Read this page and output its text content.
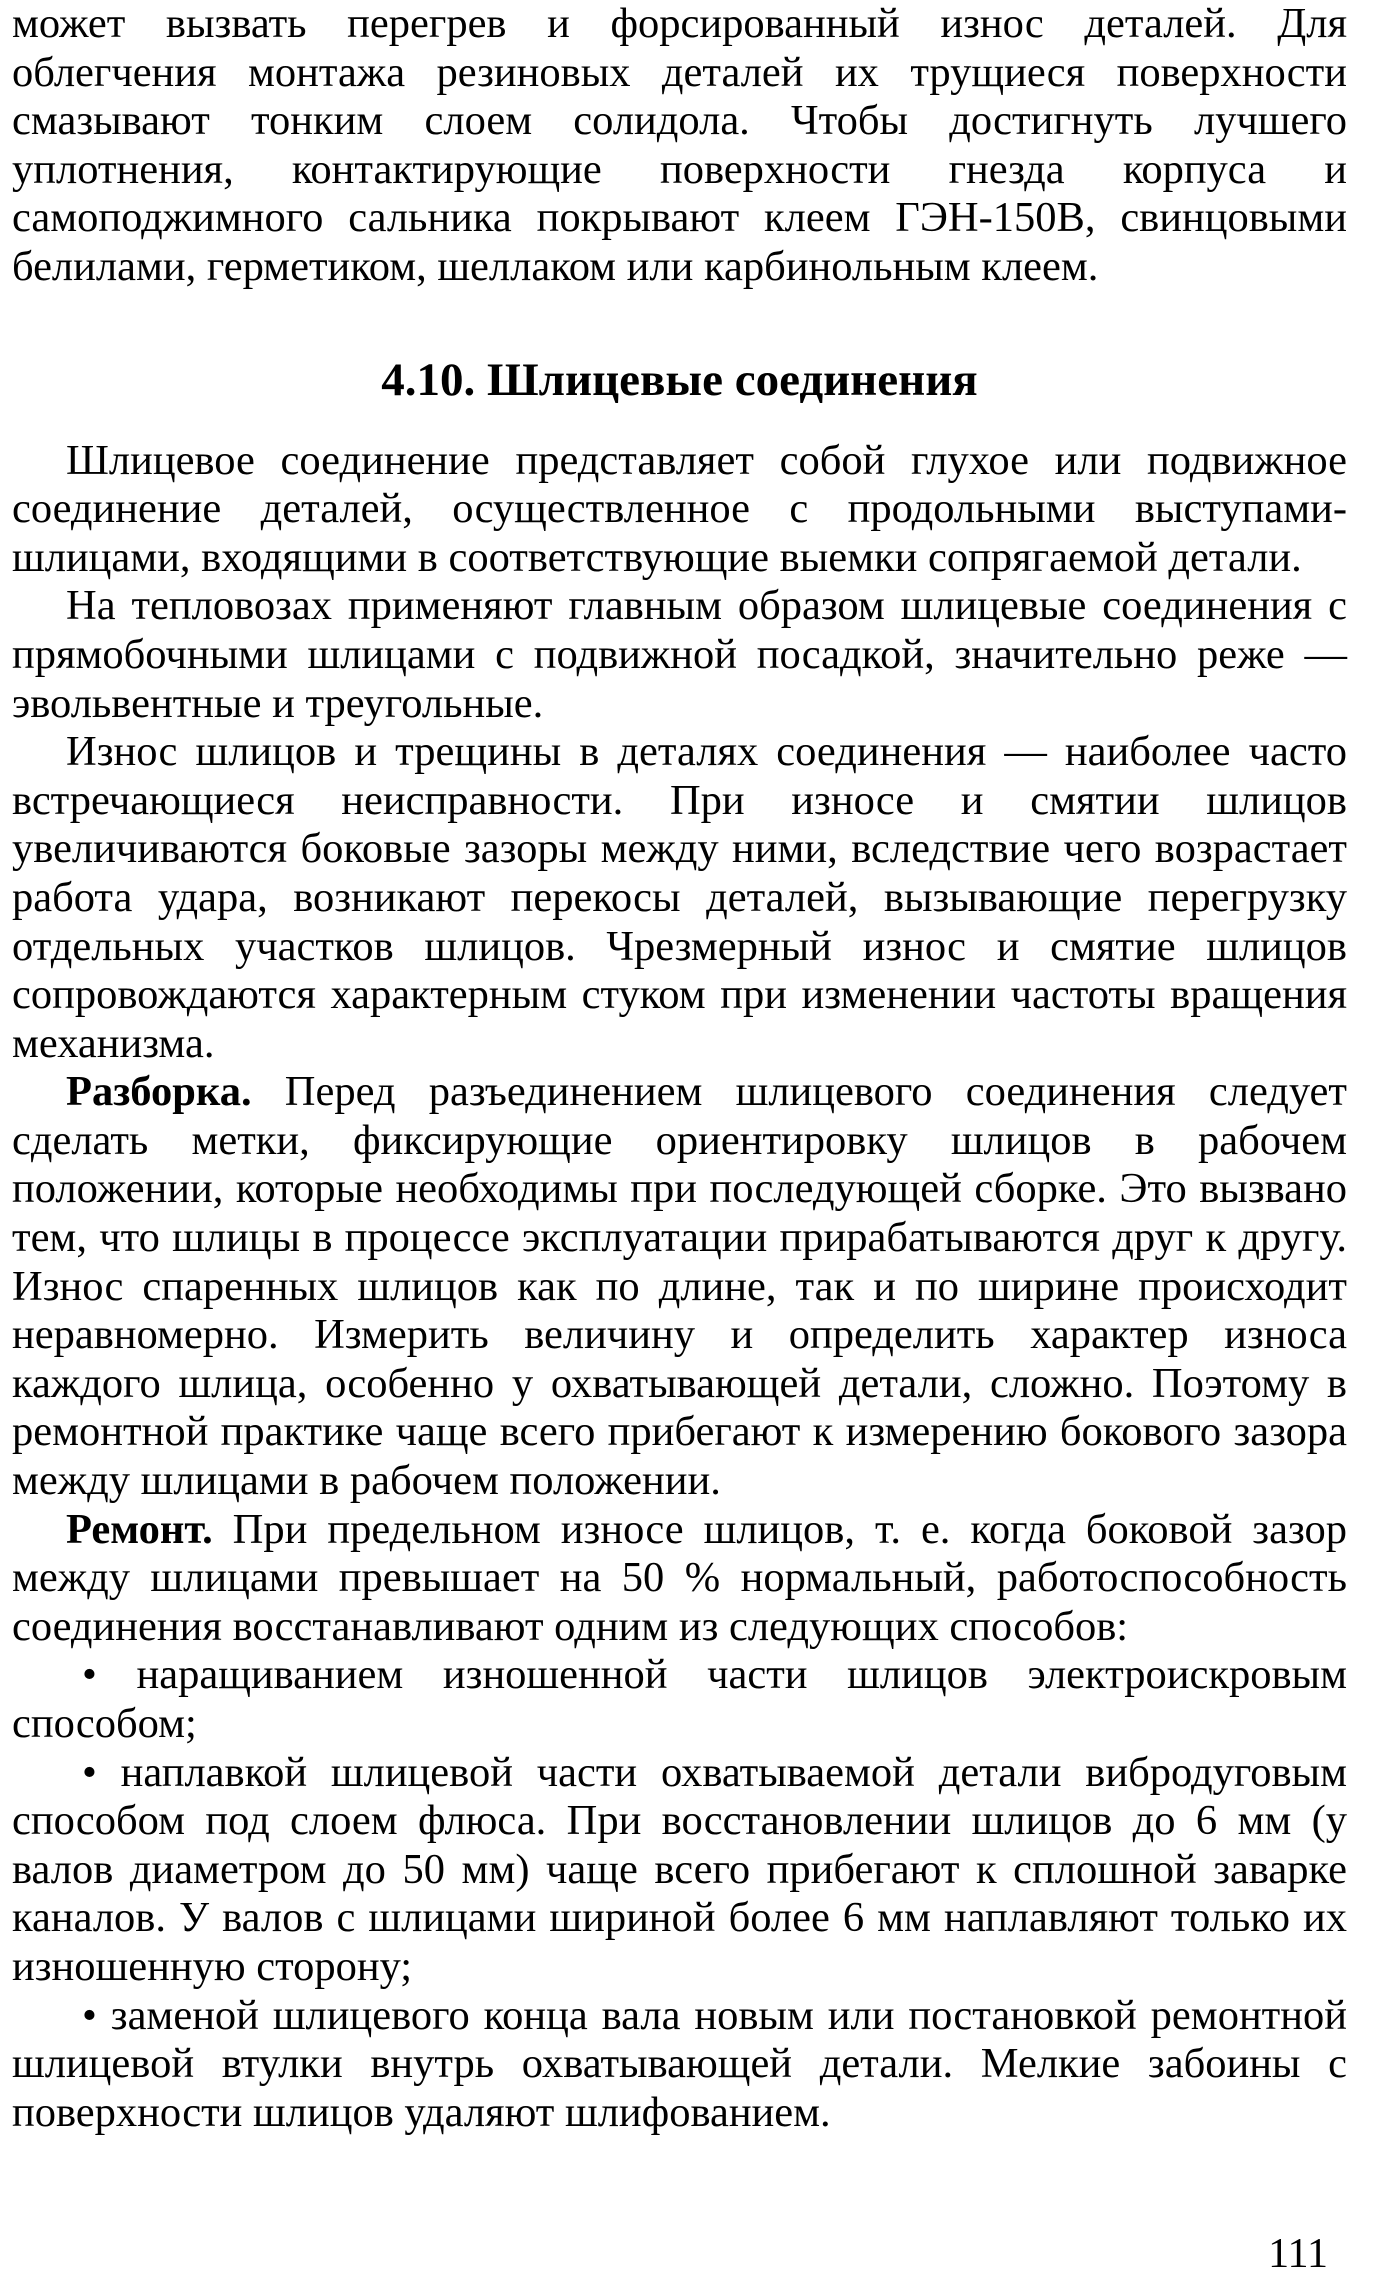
может вызвать перегрев и форсированный износ деталей. Для облегчения монтажа резиновых деталей их трущиеся поверхности смазывают тонким слоем солидола. Чтобы достигнуть лучшего уплотнения, контактирующие поверхности гнезда корпуса и самоподжимного сальника покрывают клеем ГЭН-150В, свинцовыми белилами, герметиком, шеллаком или карбинольным клеем.

4.10. Шлицевые соединения

Шлицевое соединение представляет собой глухое или подвижное соединение деталей, осуществленное с продольными выступами-шлицами, входящими в соответствующие выемки сопрягаемой детали.

На тепловозах применяют главным образом шлицевые соединения с прямобочными шлицами с подвижной посадкой, значительно реже — эвольвентные и треугольные.

Износ шлицов и трещины в деталях соединения — наиболее часто встречающиеся неисправности. При износе и смятии шлицов увеличиваются боковые зазоры между ними, вследствие чего возрастает работа удара, возникают перекосы деталей, вызывающие перегрузку отдельных участков шлицов. Чрезмерный износ и смятие шлицов сопровождаются характерным стуком при изменении частоты вращения механизма.

Разборка. Перед разъединением шлицевого соединения следует сделать метки, фиксирующие ориентировку шлицов в рабочем положении, которые необходимы при последующей сборке. Это вызвано тем, что шлицы в процессе эксплуатации прирабатываются друг к другу. Износ спаренных шлицов как по длине, так и по ширине происходит неравномерно. Измерить величину и определить характер износа каждого шлица, особенно у охватывающей детали, сложно. Поэтому в ремонтной практике чаще всего прибегают к измерению бокового зазора между шлицами в рабочем положении.

Ремонт. При предельном износе шлицов, т. е. когда боковой зазор между шлицами превышает на 50 % нормальный, работоспособность соединения восстанавливают одним из следующих способов:

• наращиванием изношенной части шлицов электроискровым способом;

• наплавкой шлицевой части охватываемой детали вибродуговым способом под слоем флюса. При восстановлении шлицов до 6 мм (у валов диаметром до 50 мм) чаще всего прибегают к сплошной заварке каналов. У валов с шлицами шириной более 6 мм наплавляют только их изношенную сторону;

• заменой шлицевого конца вала новым или постановкой ремонтной шлицевой втулки внутрь охватывающей детали. Мелкие забоины с поверхности шлицов удаляют шлифованием.

111
